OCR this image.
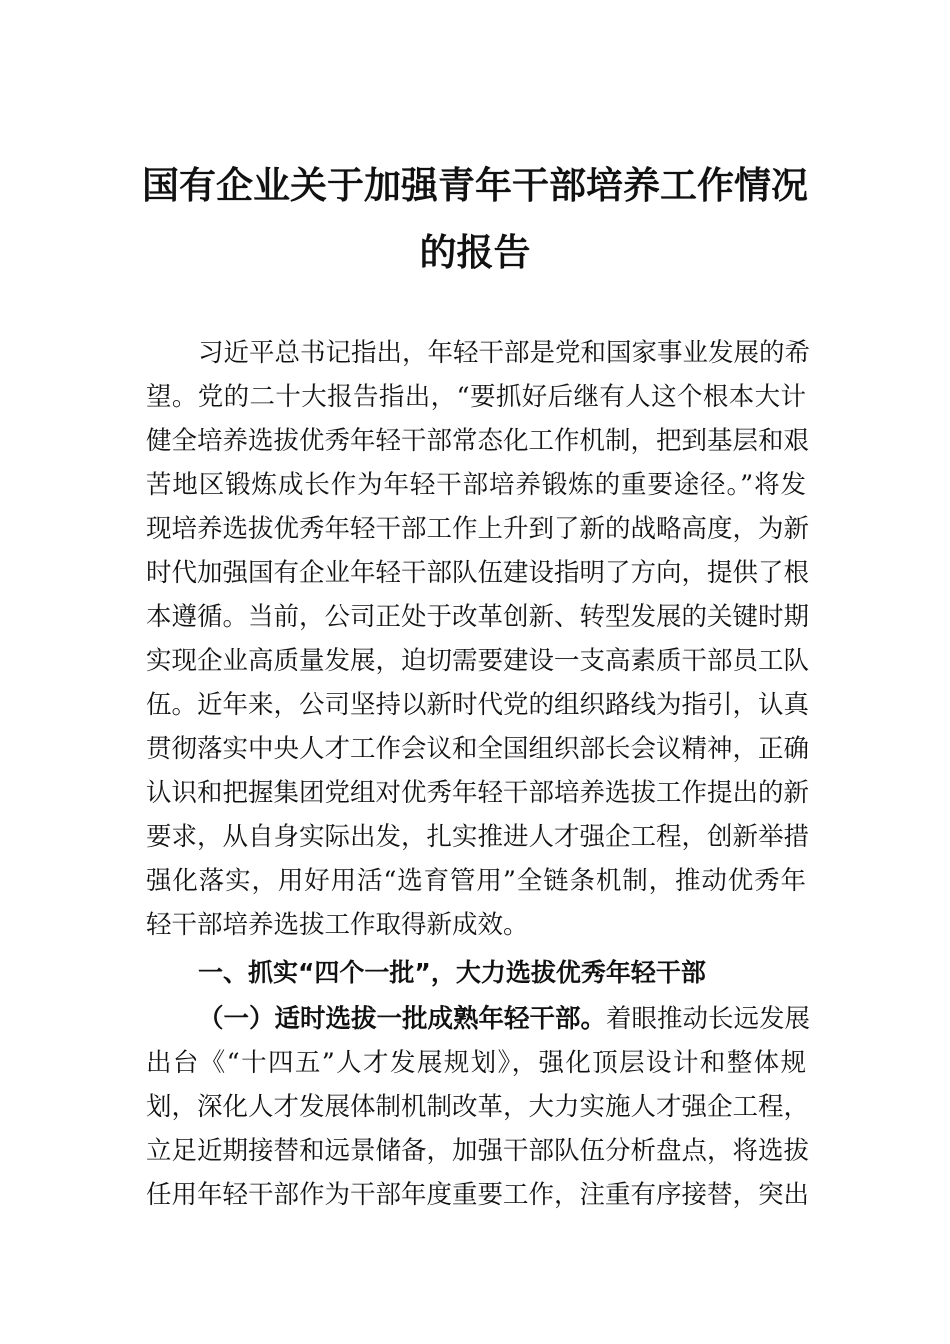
国有企业关于加强青年干部培养工作情况
的报告
习近平总书记指出，年轻干部是党和国家事业发展的希
望。党的二十大报告指出，“要抓好后继有人这个根本大计
健全培养选拔优秀年轻干部常态化工作机制，把到基层和艰
苦地区锻炼成长作为年轻干部培养锻炼的重要途径。”将发
现培养选拔优秀年轻干部工作上升到了新的战略高度，为新
时代加强国有企业年轻干部队伍建设指明了方向，提供了根
本遵循。当前，公司正处于改革创新、转型发展的关键时期
实现企业高质量发展，迫切需要建设一支高素质干部员工队
伍。近年来，公司坚持以新时代党的组织路线为指引，认真
贯彻落实中央人才工作会议和全国组织部长会议精神，正确
认识和把握集团党组对优秀年轻干部培养选拔工作提出的新
要求，从自身实际出发，扎实推进人才强企工程，创新举措
强化落实，用好用活“选育管用”全链条机制，推动优秀年
轻干部培养选拔工作取得新成效。
一、抓实“四个一批”，大力选拔优秀年轻干部
（一）适时选拔一批成熟年轻干部。着眼推动长远发展
出台《“十四五”人才发展规划》，强化顶层设计和整体规
划，深化人才发展体制机制改革，大力实施人才强企工程，
立足近期接替和远景储备，加强干部队伍分析盘点，将选拔
任用年轻干部作为干部年度重要工作，注重有序接替，突出
